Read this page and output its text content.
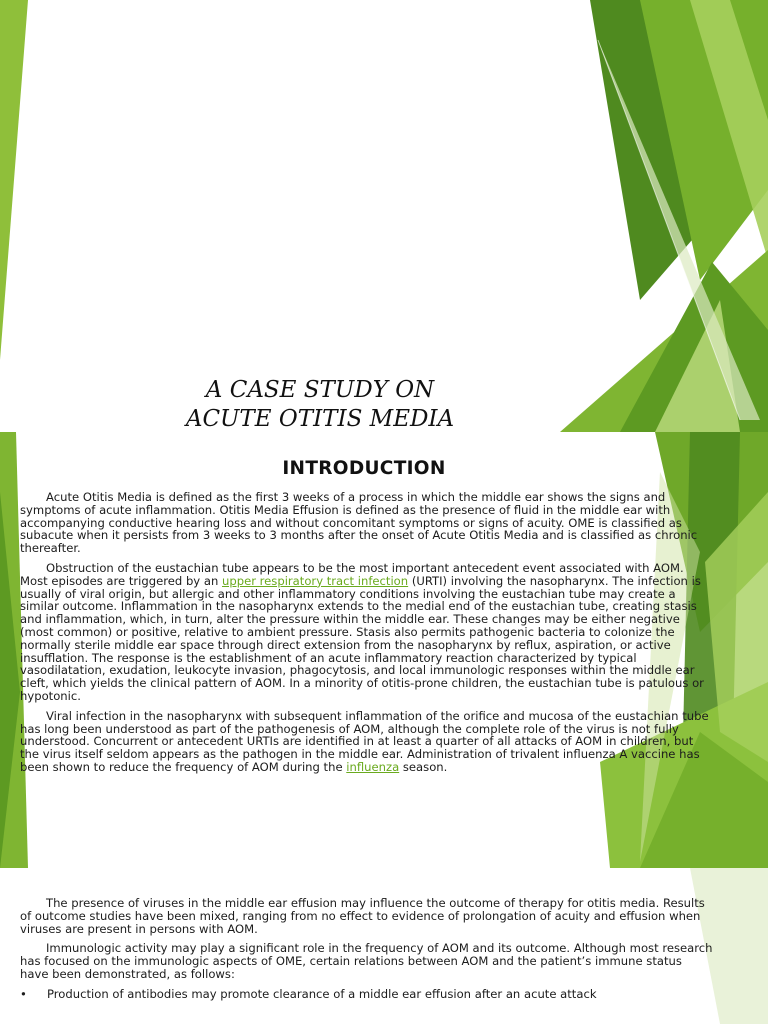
A CASE STUDY ON
ACUTE OTITIS MEDIA
INTRODUCTION

Acute Otitis Media is defined as the first 3 weeks of a process in which the middle ear shows the signs and symptoms of acute inflammation. Otitis Media Effusion is defined as the presence of fluid in the middle ear with accompanying conductive hearing loss and without concomitant symptoms or signs of acuity. OME is classified as subacute when it persists from 3 weeks to 3 months after the onset of Acute Otitis Media and is classified as chronic thereafter.

Obstruction of the eustachian tube appears to be the most important antecedent event associated with AOM. Most episodes are triggered by an upper respiratory tract infection (URTI) involving the nasopharynx. The infection is usually of viral origin, but allergic and other inflammatory conditions involving the eustachian tube may create a similar outcome. Inflammation in the nasopharynx extends to the medial end of the eustachian tube, creating stasis and inflammation, which, in turn, alter the pressure within the middle ear. These changes may be either negative (most common) or positive, relative to ambient pressure. Stasis also permits pathogenic bacteria to colonize the normally sterile middle ear space through direct extension from the nasopharynx by reflux, aspiration, or active insufflation. The response is the establishment of an acute inflammatory reaction characterized by typical vasodilatation, exudation, leukocyte invasion, phagocytosis, and local immunologic responses within the middle ear cleft, which yields the clinical pattern of AOM. In a minority of otitis-prone children, the eustachian tube is patulous or hypotonic.

Viral infection in the nasopharynx with subsequent inflammation of the orifice and mucosa of the eustachian tube has long been understood as part of the pathogenesis of AOM, although the complete role of the virus is not fully understood. Concurrent or antecedent URTIs are identified in at least a quarter of all attacks of AOM in children, but the virus itself seldom appears as the pathogen in the middle ear. Administration of trivalent influenza A vaccine has been shown to reduce the frequency of AOM during the influenza season.

The presence of viruses in the middle ear effusion may influence the outcome of therapy for otitis media. Results of outcome studies have been mixed, ranging from no effect to evidence of prolongation of acuity and effusion when viruses are present in persons with AOM.

Immunologic activity may play a significant role in the frequency of AOM and its outcome. Although most research has focused on the immunologic aspects of OME, certain relations between AOM and the patient’s immune status have been demonstrated, as follows:

• Production of antibodies may promote clearance of a middle ear effusion after an acute attack
